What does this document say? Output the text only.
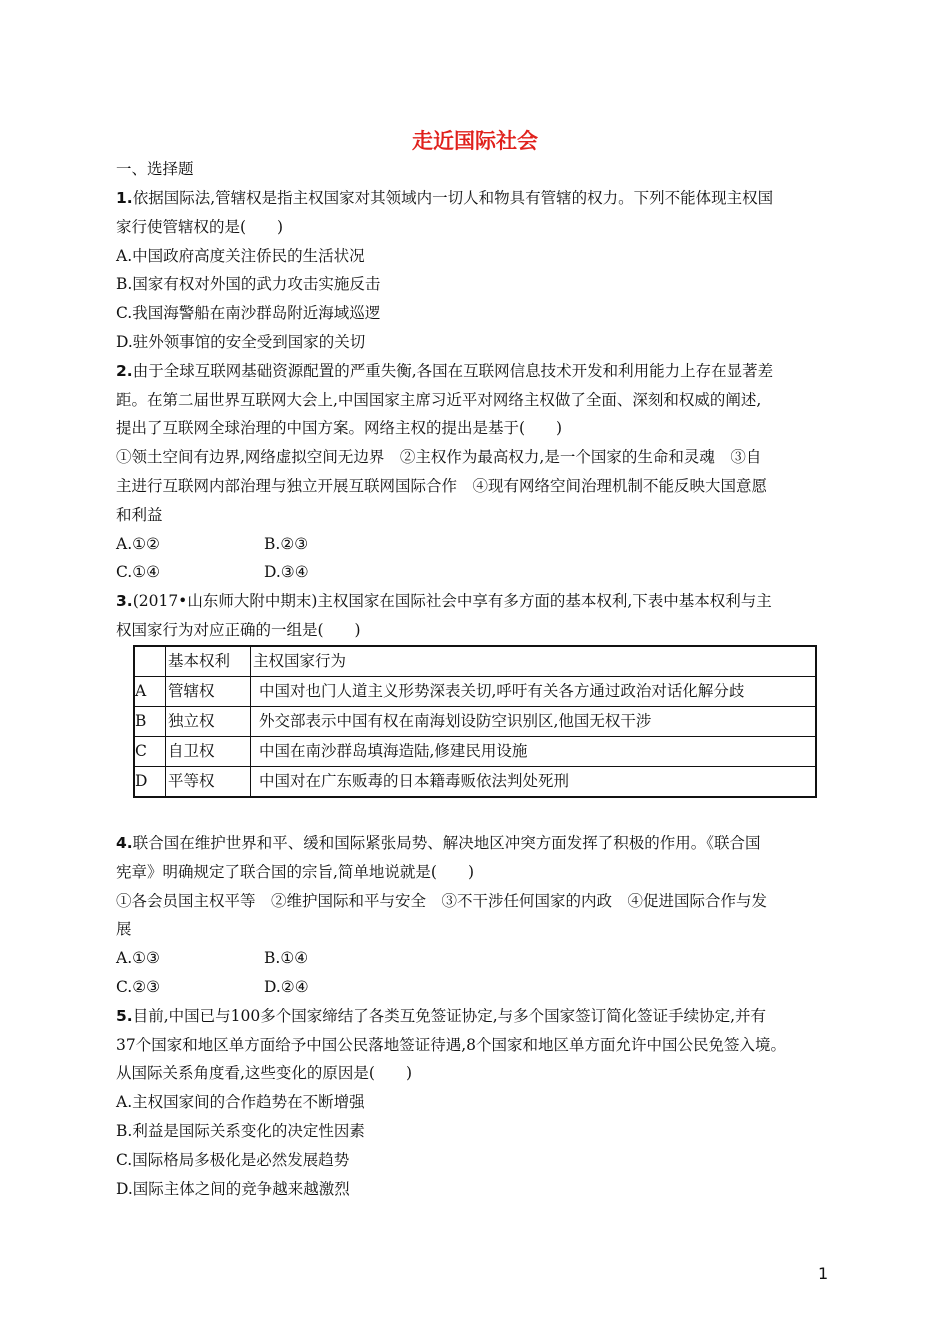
走近国际社会
一、选择题
1.依据国际法,管辖权是指主权国家对其领域内一切人和物具有管辖的权力。下列不能体现主权国
家行使管辖权的是(　　)
A.中国政府高度关注侨民的生活状况
B.国家有权对外国的武力攻击实施反击
C.我国海警船在南沙群岛附近海域巡逻
D.驻外领事馆的安全受到国家的关切
2.由于全球互联网基础资源配置的严重失衡,各国在互联网信息技术开发和利用能力上存在显著差
距。在第二届世界互联网大会上,中国国家主席习近平对网络主权做了全面、深刻和权威的阐述,
提出了互联网全球治理的中国方案。网络主权的提出是基于(　　)
①领土空间有边界,网络虚拟空间无边界　②主权作为最高权力,是一个国家的生命和灵魂　③自
主进行互联网内部治理与独立开展互联网国际合作　④现有网络空间治理机制不能反映大国意愿
和利益
A.①②	B.②③
C.①④	D.③④
3.(2017•山东师大附中期末)主权国家在国际社会中享有多方面的基本权利,下表中基本权利与主
权国家行为对应正确的一组是(　　)
	基本权利	主权国家行为
A	管辖权	中国对也门人道主义形势深表关切,呼吁有关各方通过政治对话化解分歧
B	独立权	外交部表示中国有权在南海划设防空识别区,他国无权干涉
C	自卫权	中国在南沙群岛填海造陆,修建民用设施
D	平等权	中国对在广东贩毒的日本籍毒贩依法判处死刑
4.联合国在维护世界和平、缓和国际紧张局势、解决地区冲突方面发挥了积极的作用。《联合国
宪章》明确规定了联合国的宗旨,简单地说就是(　　)
①各会员国主权平等　②维护国际和平与安全　③不干涉任何国家的内政　④促进国际合作与发
展
A.①③	B.①④
C.②③	D.②④
5.目前,中国已与100多个国家缔结了各类互免签证协定,与多个国家签订简化签证手续协定,并有
37个国家和地区单方面给予中国公民落地签证待遇,8个国家和地区单方面允许中国公民免签入境。
从国际关系角度看,这些变化的原因是(　　)
A.主权国家间的合作趋势在不断增强
B.利益是国际关系变化的决定性因素
C.国际格局多极化是必然发展趋势
D.国际主体之间的竞争越来越激烈
1
